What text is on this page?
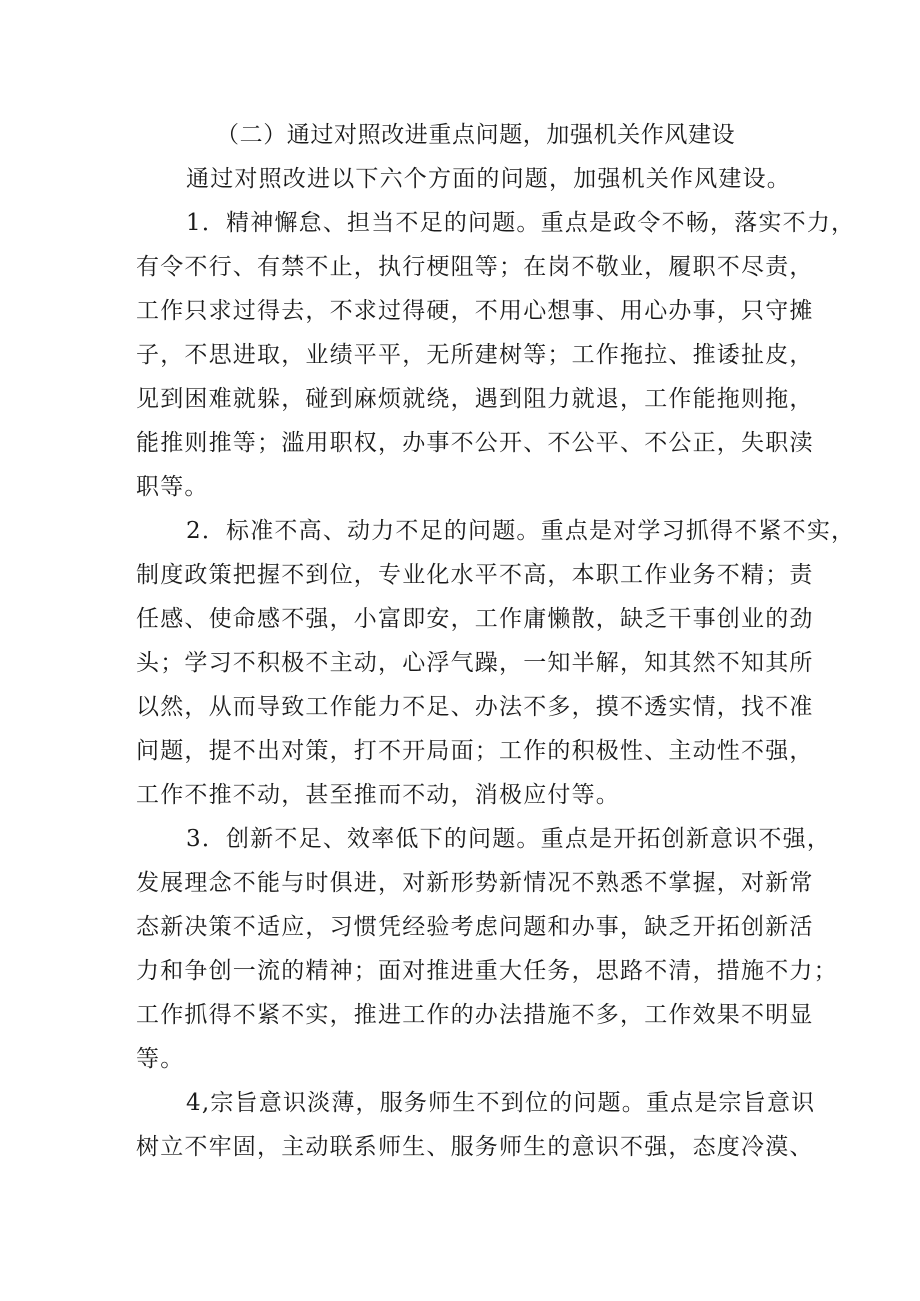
（二）通过对照改进重点问题，加强机关作风建设
通过对照改进以下六个方面的问题，加强机关作风建设。
1．精神懈怠、担当不足的问题。重点是政令不畅，落实不力，
有令不行、有禁不止，执行梗阻等；在岗不敬业，履职不尽责，
工作只求过得去，不求过得硬，不用心想事、用心办事，只守摊
子，不思进取，业绩平平，无所建树等；工作拖拉、推诿扯皮，
见到困难就躲，碰到麻烦就绕，遇到阻力就退，工作能拖则拖，
能推则推等；滥用职权，办事不公开、不公平、不公正，失职渎
职等。
2．标准不高、动力不足的问题。重点是对学习抓得不紧不实，
制度政策把握不到位，专业化水平不高，本职工作业务不精；责
任感、使命感不强，小富即安，工作庸懒散，缺乏干事创业的劲
头；学习不积极不主动，心浮气躁，一知半解，知其然不知其所
以然，从而导致工作能力不足、办法不多，摸不透实情，找不准
问题，提不出对策，打不开局面；工作的积极性、主动性不强，
工作不推不动，甚至推而不动，消极应付等。
3．创新不足、效率低下的问题。重点是开拓创新意识不强，
发展理念不能与时俱进，对新形势新情况不熟悉不掌握，对新常
态新决策不适应，习惯凭经验考虑问题和办事，缺乏开拓创新活
力和争创一流的精神；面对推进重大任务，思路不清，措施不力；
工作抓得不紧不实，推进工作的办法措施不多，工作效果不明显
等。
4,宗旨意识淡薄，服务师生不到位的问题。重点是宗旨意识
树立不牢固，主动联系师生、服务师生的意识不强，态度冷漠、
